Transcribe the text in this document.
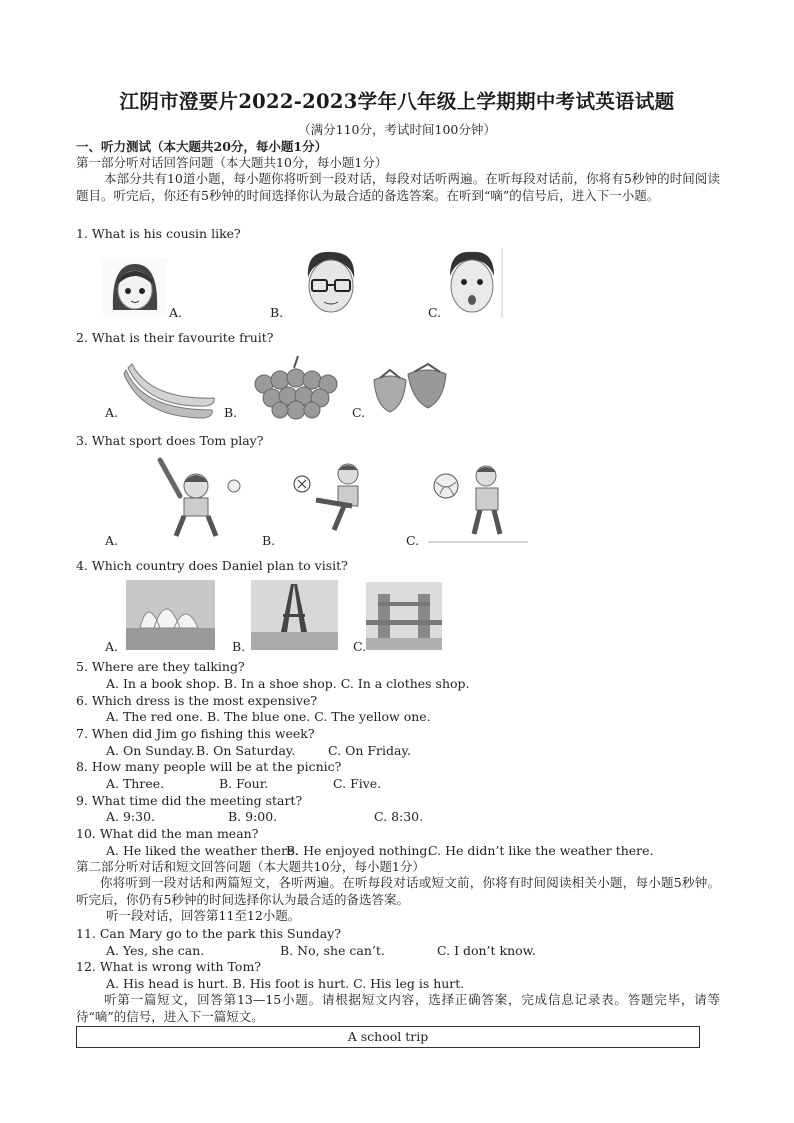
江阴市澄要片2022-2023学年八年级上学期期中考试英语试题
（满分110分，考试时间100分钟）
一、听力测试（本大题共20分，每小题1分）
第一部分听对话回答问题（本大题共10分，每小题1分）
本部分共有10道小题，每小题你将听到一段对话，每段对话听两遍。在听每段对话前，你将有5秒钟的时间阅读题目。听完后，你还有5秒钟的时间选择你认为最合适的备选答案。在听到“嘀”的信号后，进入下一小题。
1. What is his cousin like?
A.	B.	C.
2. What is their favourite fruit?
A.	B.	C.
3. What sport does Tom play?
A.	B.	C.
4. Which country does Daniel plan to visit?
A.	B.	C.
5. Where are they talking?
A. In a book shop. B. In a shoe shop. C. In a clothes shop.
6. Which dress is the most expensive?
A. The red one. B. The blue one. C. The yellow one.
7. When did Jim go fishing this week?
A. On Sunday. B. On Saturday.	C. On Friday.
8. How many people will be at the picnic?
A. Three.	B. Four.	C. Five.
9. What time did the meeting start?
A. 9:30.	B. 9:00.	C. 8:30.
10. What did the man mean?
A. He liked the weather there.
B. He enjoyed nothing.
C. He didn’t like the weather there.
第二部分听对话和短文回答问题（本大题共10分，每小题1分）
你将听到一段对话和两篇短文，各听两遍。在听每段对话或短文前，你将有时间阅读相关小题，每小题5秒钟。听完后，你仍有5秒钟的时间选择你认为最合适的备选答案。
听一段对话，回答第11至12小题。
11. Can Mary go to the park this Sunday?
A. Yes, she can.	B. No, she can’t.	C. I don’t know.
12. What is wrong with Tom?
A. His head is hurt. B. His foot is hurt. C. His leg is hurt.
听第一篇短文，回答第13—15小题。请根据短文内容，选择正确答案，完成信息记录表。答题完毕，请等待“嘀”的信号，进入下一篇短文。
A school trip
